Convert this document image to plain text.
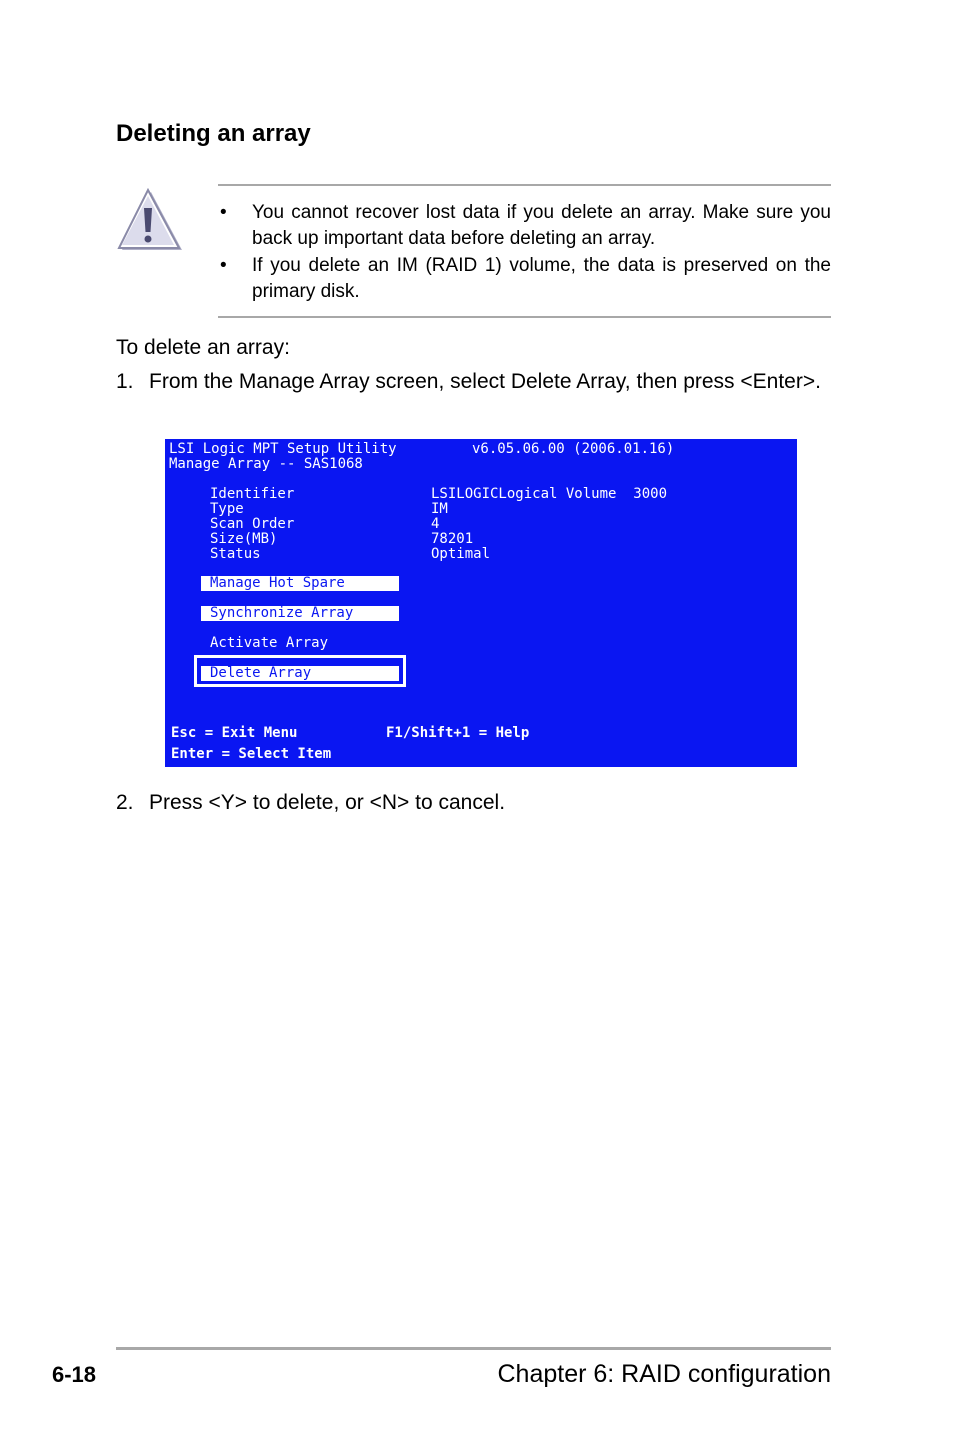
Deleting an array
• You cannot recover lost data if you delete an array. Make sure you back up important data before deleting an array.
• If you delete an IM (RAID 1) volume, the data is preserved on the primary disk.
To delete an array:
1. From the Manage Array screen, select Delete Array, then press <Enter>.
LSI Logic MPT Setup Utility	v6.05.06.00 (2006.01.16)
Manage Array -- SAS1068
Identifier	LSILOGICLogical Volume  3000
Type	IM
Scan Order	4
Size(MB)	78201
Status	Optimal
Manage Hot Spare
Synchronize Array
Activate Array
Delete Array
Esc = Exit Menu	F1/Shift+1 = Help
Enter = Select Item
2. Press <Y> to delete, or <N> to cancel.
6-18	Chapter 6: RAID configuration
